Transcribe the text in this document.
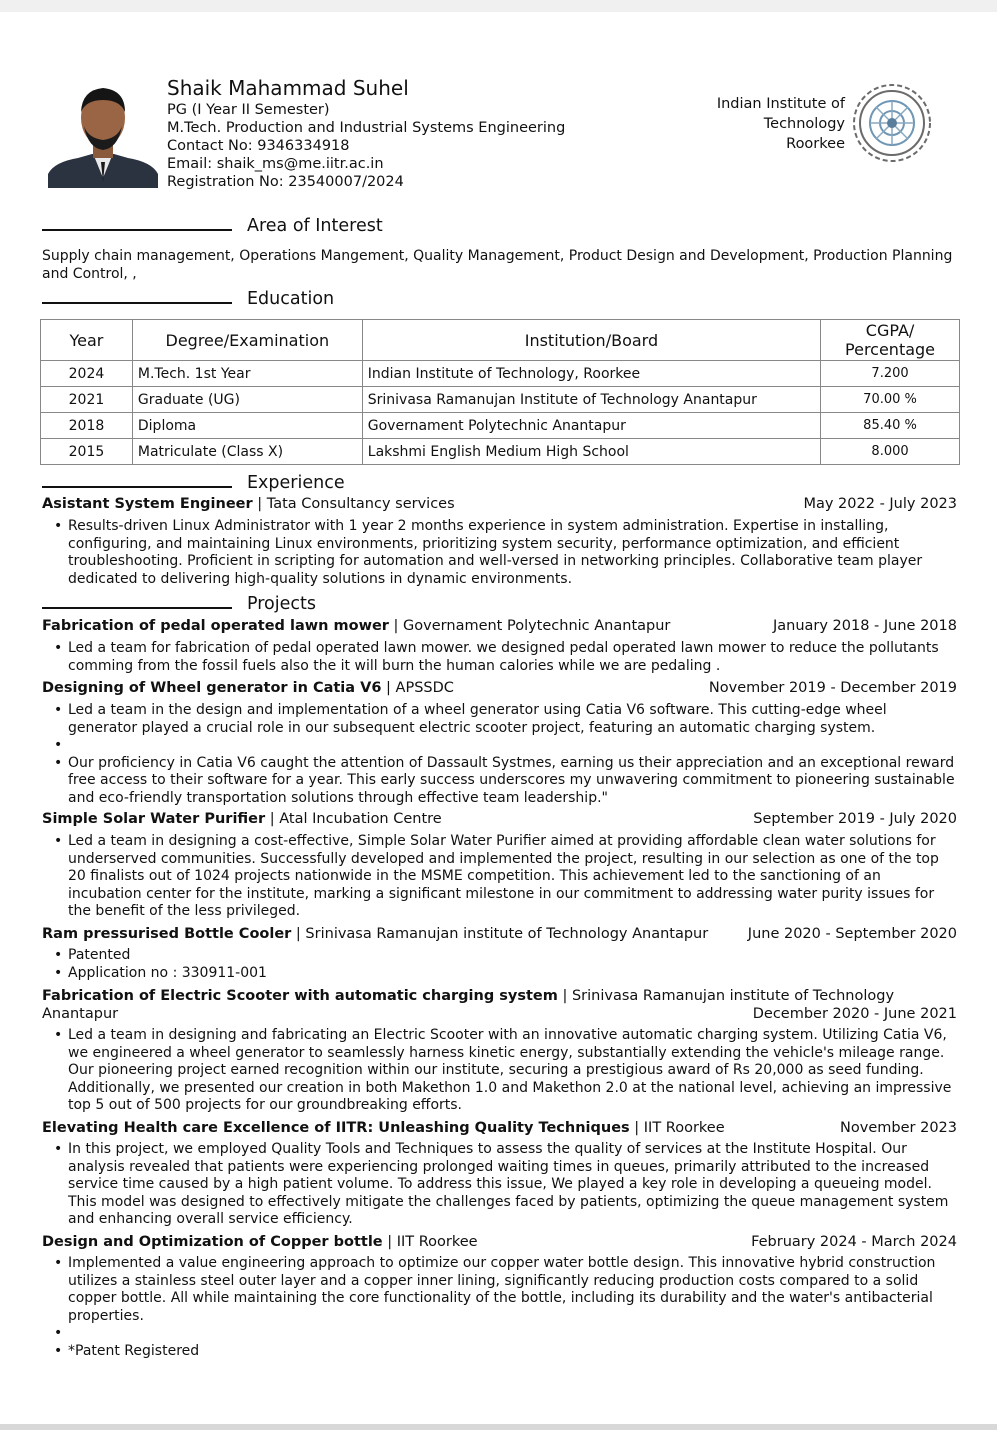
Shaik Mahammad Suhel
PG (I Year II Semester)
M.Tech. Production and Industrial Systems Engineering
Contact No: 9346334918
Email: shaik_ms@me.iitr.ac.in
Registration No: 23540007/2024
Indian Institute of
Technology
Roorkee
Area of Interest
Supply chain management, Operations Mangement, Quality Management, Product Design and Development, Production Planning and Control, ,
Education
Year	Degree/Examination	Institution/Board	CGPA/
Percentage
2024	M.Tech. 1st Year	Indian Institute of Technology, Roorkee	7.200
2021	Graduate (UG)	Srinivasa Ramanujan Institute of Technology Anantapur	70.00 %
2018	Diploma	Governament Polytechnic Anantapur	85.40 %
2015	Matriculate (Class X)	Lakshmi English Medium High School	8.000
Experience
Asistant System Engineer | Tata Consultancy services	May 2022 - July 2023
• Results-driven Linux Administrator with 1 year 2 months experience in system administration. Expertise in installing, configuring, and maintaining Linux environments, prioritizing system security, performance optimization, and efficient troubleshooting. Proficient in scripting for automation and well-versed in networking principles. Collaborative team player dedicated to delivering high-quality solutions in dynamic environments.
Projects
Fabrication of pedal operated lawn mower | Governament Polytechnic Anantapur	January 2018 - June 2018
• Led a team for fabrication of pedal operated lawn mower. we designed pedal operated lawn mower to reduce the pollutants comming from the fossil fuels also the it will burn the human calories while we are pedaling .
Designing of Wheel generator in Catia V6 | APSSDC	November 2019 - December 2019
• Led a team in the design and implementation of a wheel generator using Catia V6 software. This cutting-edge wheel generator played a crucial role in our subsequent electric scooter project, featuring an automatic charging system.
•
• Our proficiency in Catia V6 caught the attention of Dassault Systmes, earning us their appreciation and an exceptional reward free access to their software for a year. This early success underscores my unwavering commitment to pioneering sustainable and eco-friendly transportation solutions through effective team leadership."
Simple Solar Water Purifier | Atal Incubation Centre	September 2019 - July 2020
• Led a team in designing a cost-effective, Simple Solar Water Purifier aimed at providing affordable clean water solutions for underserved communities. Successfully developed and implemented the project, resulting in our selection as one of the top 20 finalists out of 1024 projects nationwide in the MSME competition. This achievement led to the sanctioning of an incubation center for the institute, marking a significant milestone in our commitment to addressing water purity issues for the benefit of the less privileged.
Ram pressurised Bottle Cooler | Srinivasa Ramanujan institute of Technology Anantapur	June 2020 - September 2020
• Patented
• Application no : 330911-001
Fabrication of Electric Scooter with automatic charging system | Srinivasa Ramanujan institute of Technology Anantapur	December 2020 - June 2021
• Led a team in designing and fabricating an Electric Scooter with an innovative automatic charging system. Utilizing Catia V6, we engineered a wheel generator to seamlessly harness kinetic energy, substantially extending the vehicle's mileage range. Our pioneering project earned recognition within our institute, securing a prestigious award of Rs 20,000 as seed funding. Additionally, we presented our creation in both Makethon 1.0 and Makethon 2.0 at the national level, achieving an impressive top 5 out of 500 projects for our groundbreaking efforts.
Elevating Health care Excellence of IITR: Unleashing Quality Techniques | IIT Roorkee	November 2023
• In this project, we employed Quality Tools and Techniques to assess the quality of services at the Institute Hospital. Our analysis revealed that patients were experiencing prolonged waiting times in queues, primarily attributed to the increased service time caused by a high patient volume. To address this issue, We played a key role in developing a queueing model. This model was designed to effectively mitigate the challenges faced by patients, optimizing the queue management system and enhancing overall service efficiency.
Design and Optimization of Copper bottle | IIT Roorkee	February 2024 - March 2024
• Implemented a value engineering approach to optimize our copper water bottle design. This innovative hybrid construction utilizes a stainless steel outer layer and a copper inner lining, significantly reducing production costs compared to a solid copper bottle. All while maintaining the core functionality of the bottle, including its durability and the water's antibacterial properties.
•
• *Patent Registered
